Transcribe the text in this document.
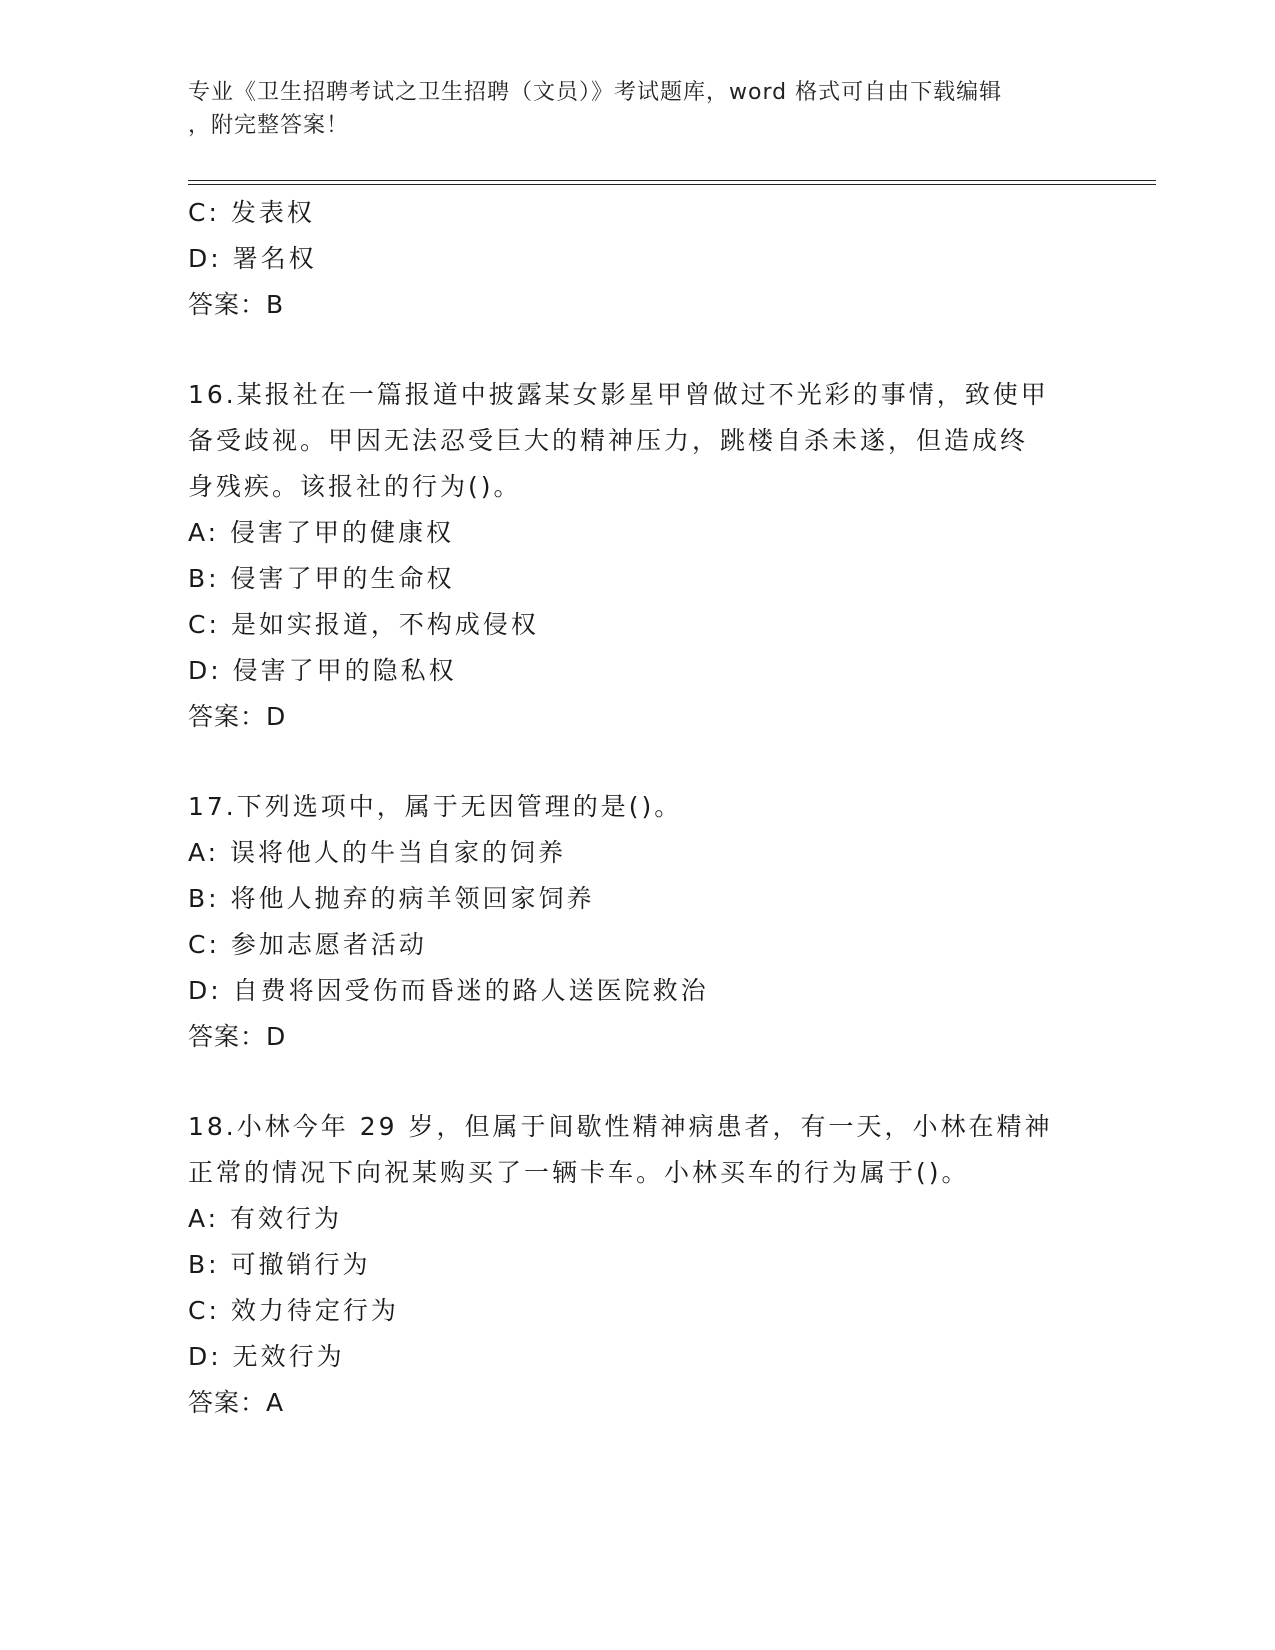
专业《卫生招聘考试之卫生招聘（文员）》考试题库，word 格式可自由下载编辑
，附完整答案！
C: 发表权
D: 署名权
答案：B
16.某报社在一篇报道中披露某女影星甲曾做过不光彩的事情，致使甲
备受歧视。甲因无法忍受巨大的精神压力，跳楼自杀未遂，但造成终
身残疾。该报社的行为()。
A: 侵害了甲的健康权
B: 侵害了甲的生命权
C: 是如实报道，不构成侵权
D: 侵害了甲的隐私权
答案：D
17.下列选项中，属于无因管理的是()。
A: 误将他人的牛当自家的饲养
B: 将他人抛弃的病羊领回家饲养
C: 参加志愿者活动
D: 自费将因受伤而昏迷的路人送医院救治
答案：D
18.小林今年 29 岁，但属于间歇性精神病患者，有一天，小林在精神
正常的情况下向祝某购买了一辆卡车。小林买车的行为属于()。
A: 有效行为
B: 可撤销行为
C: 效力待定行为
D: 无效行为
答案：A
